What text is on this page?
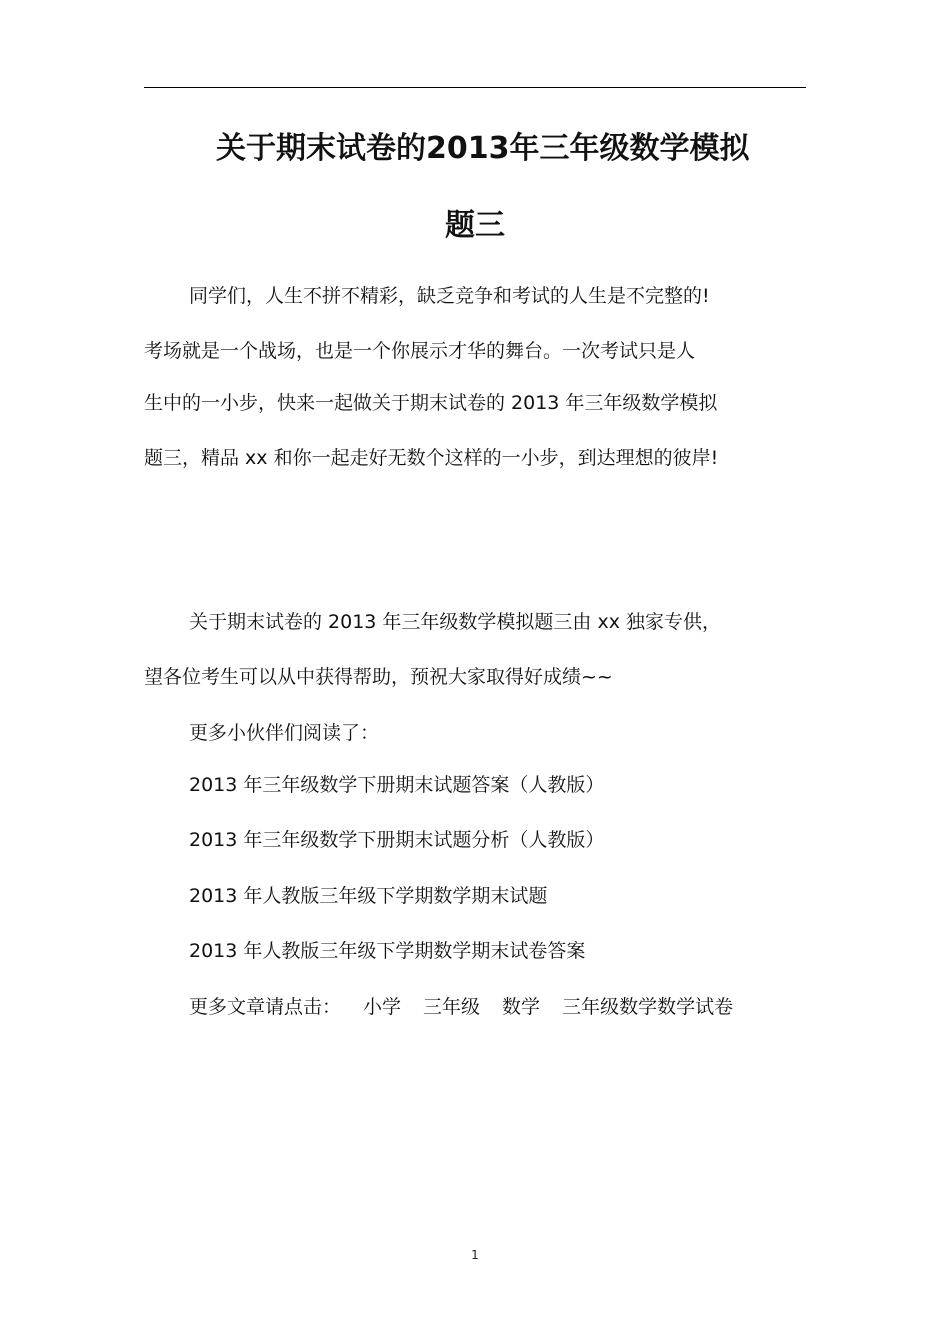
关于期末试卷的2013年三年级数学模拟
题三
同学们，人生不拼不精彩，缺乏竞争和考试的人生是不完整的!
考场就是一个战场，也是一个你展示才华的舞台。一次考试只是人
生中的一小步，快来一起做关于期末试卷的 2013 年三年级数学模拟
题三，精品 xx 和你一起走好无数个这样的一小步，到达理想的彼岸!
关于期末试卷的 2013 年三年级数学模拟题三由 xx 独家专供，
望各位考生可以从中获得帮助，预祝大家取得好成绩~~
更多小伙伴们阅读了：
2013 年三年级数学下册期末试题答案（人教版）
2013 年三年级数学下册期末试题分析（人教版）
2013 年人教版三年级下学期数学期末试题
2013 年人教版三年级下学期数学期末试卷答案
更多文章请点击： 小学 三年级 数学 三年级数学数学试卷
1
